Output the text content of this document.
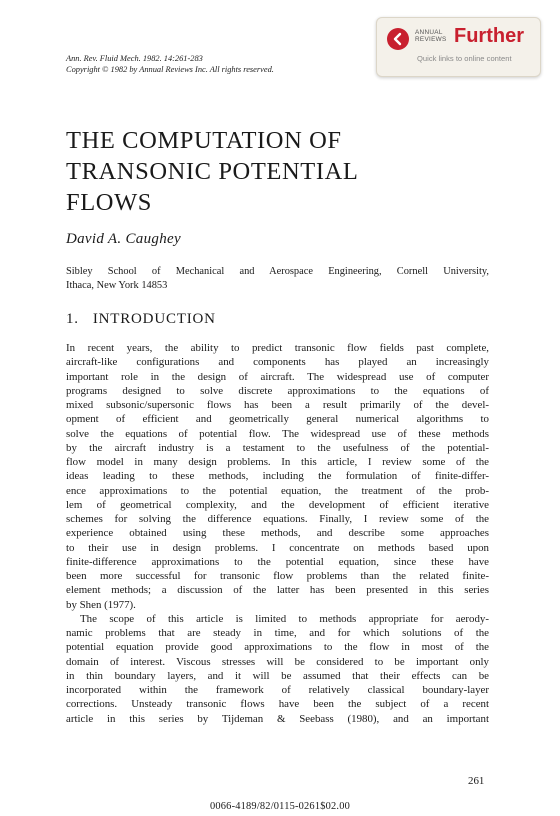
Ann. Rev. Fluid Mech. 1982. 14:261-283
Copyright © 1982 by Annual Reviews Inc. All rights reserved.
ANNUAL
REVIEWS Further
Quick links to online content
THE COMPUTATION OF
TRANSONIC POTENTIAL
FLOWS
David A. Caughey
Sibley School of Mechanical and Aerospace Engineering, Cornell University,
Ithaca, New York 14853
1. INTRODUCTION
In recent years, the ability to predict transonic flow fields past complete,
aircraft-like configurations and components has played an increasingly
important role in the design of aircraft. The widespread use of computer
programs designed to solve discrete approximations to the equations of
mixed subsonic/supersonic flows has been a result primarily of the devel-
opment of efficient and geometrically general numerical algorithms to
solve the equations of potential flow. The widespread use of these methods
by the aircraft industry is a testament to the usefulness of the potential-
flow model in many design problems. In this article, I review some of the
ideas leading to these methods, including the formulation of finite-differ-
ence approximations to the potential equation, the treatment of the prob-
lem of geometrical complexity, and the development of efficient iterative
schemes for solving the difference equations. Finally, I review some of the
experience obtained using these methods, and describe some approaches
to their use in design problems. I concentrate on methods based upon
finite-difference approximations to the potential equation, since these have
been more successful for transonic flow problems than the related finite-
element methods; a discussion of the latter has been presented in this series
by Shen (1977).
The scope of this article is limited to methods appropriate for aerody-
namic problems that are steady in time, and for which solutions of the
potential equation provide good approximations to the flow in most of the
domain of interest. Viscous stresses will be considered to be important only
in thin boundary layers, and it will be assumed that their effects can be
incorporated within the framework of relatively classical boundary-layer
corrections. Unsteady transonic flows have been the subject of a recent
article in this series by Tijdeman & Seebass (1980), and an important
261
0066-4189/82/0115-0261$02.00
